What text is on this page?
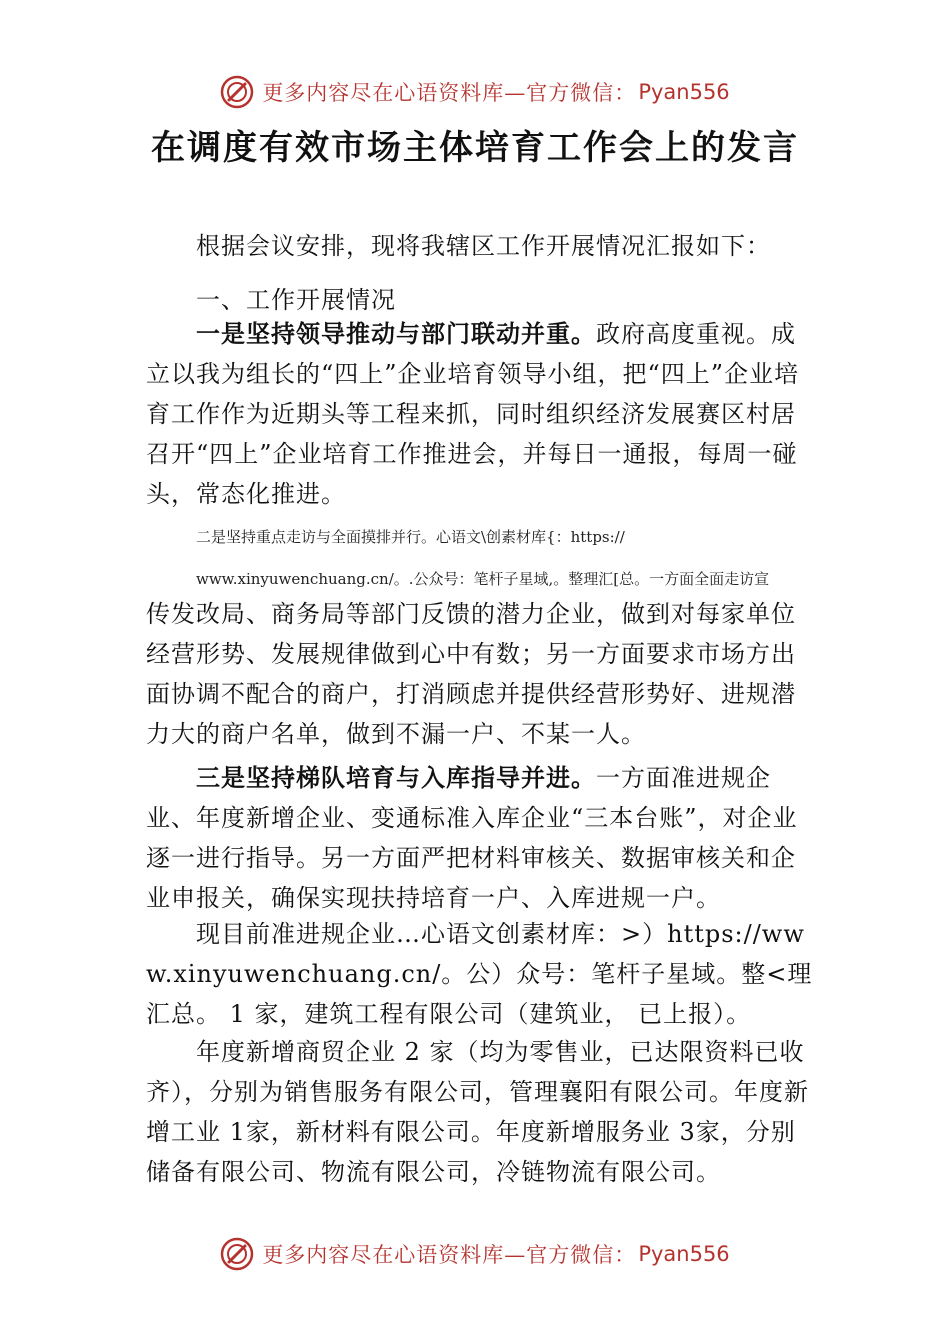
更多内容尽在心语资料库—官方微信： Pyan556
在调度有效市场主体培育工作会上的发言

根据会议安排，现将我辖区工作开展情况汇报如下：

一、工作开展情况

一是坚持领导推动与部门联动并重。政府高度重视。成立以我为组长的“四上”企业培育领导小组，把“四上”企业培育工作作为近期头等工程来抓，同时组织经济发展赛区村居召开“四上”企业培育工作推进会，并每日一通报，每周一碰头，常态化推进。

二是坚持重点走访与全面摸排并行。心语文\创素材库{：https://
www.xinyuwenchuang.cn/。.公众号：笔杆子星域,。整理汇[总。一方面全面走访宣

传发改局、商务局等部门反馈的潜力企业，做到对每家单位经营形势、发展规律做到心中有数；另一方面要求市场方出面协调不配合的商户，打消顾虑并提供经营形势好、进规潜力大的商户名单，做到不漏一户、不某一人。

三是坚持梯队培育与入库指导并进。一方面准进规企业、年度新增企业、变通标准入库企业“三本台账”，对企业逐一进行指导。另一方面严把材料审核关、数据审核关和企业申报关，确保实现扶持培育一户、入库进规一户。

现目前准进规企业…心语文创素材库：>）https://www.xinyuwenchuang.cn/。公）众号：笔杆子星域。整<理汇总。 1 家，建筑工程有限公司（建筑业， 已上报）。

年度新增商贸企业 2 家（均为零售业，已达限资料已收齐），分别为销售服务有限公司，管理襄阳有限公司。年度新增工业 1家，新材料有限公司。年度新增服务业 3家，分别储备有限公司、物流有限公司，冷链物流有限公司。

更多内容尽在心语资料库—官方微信： Pyan556
